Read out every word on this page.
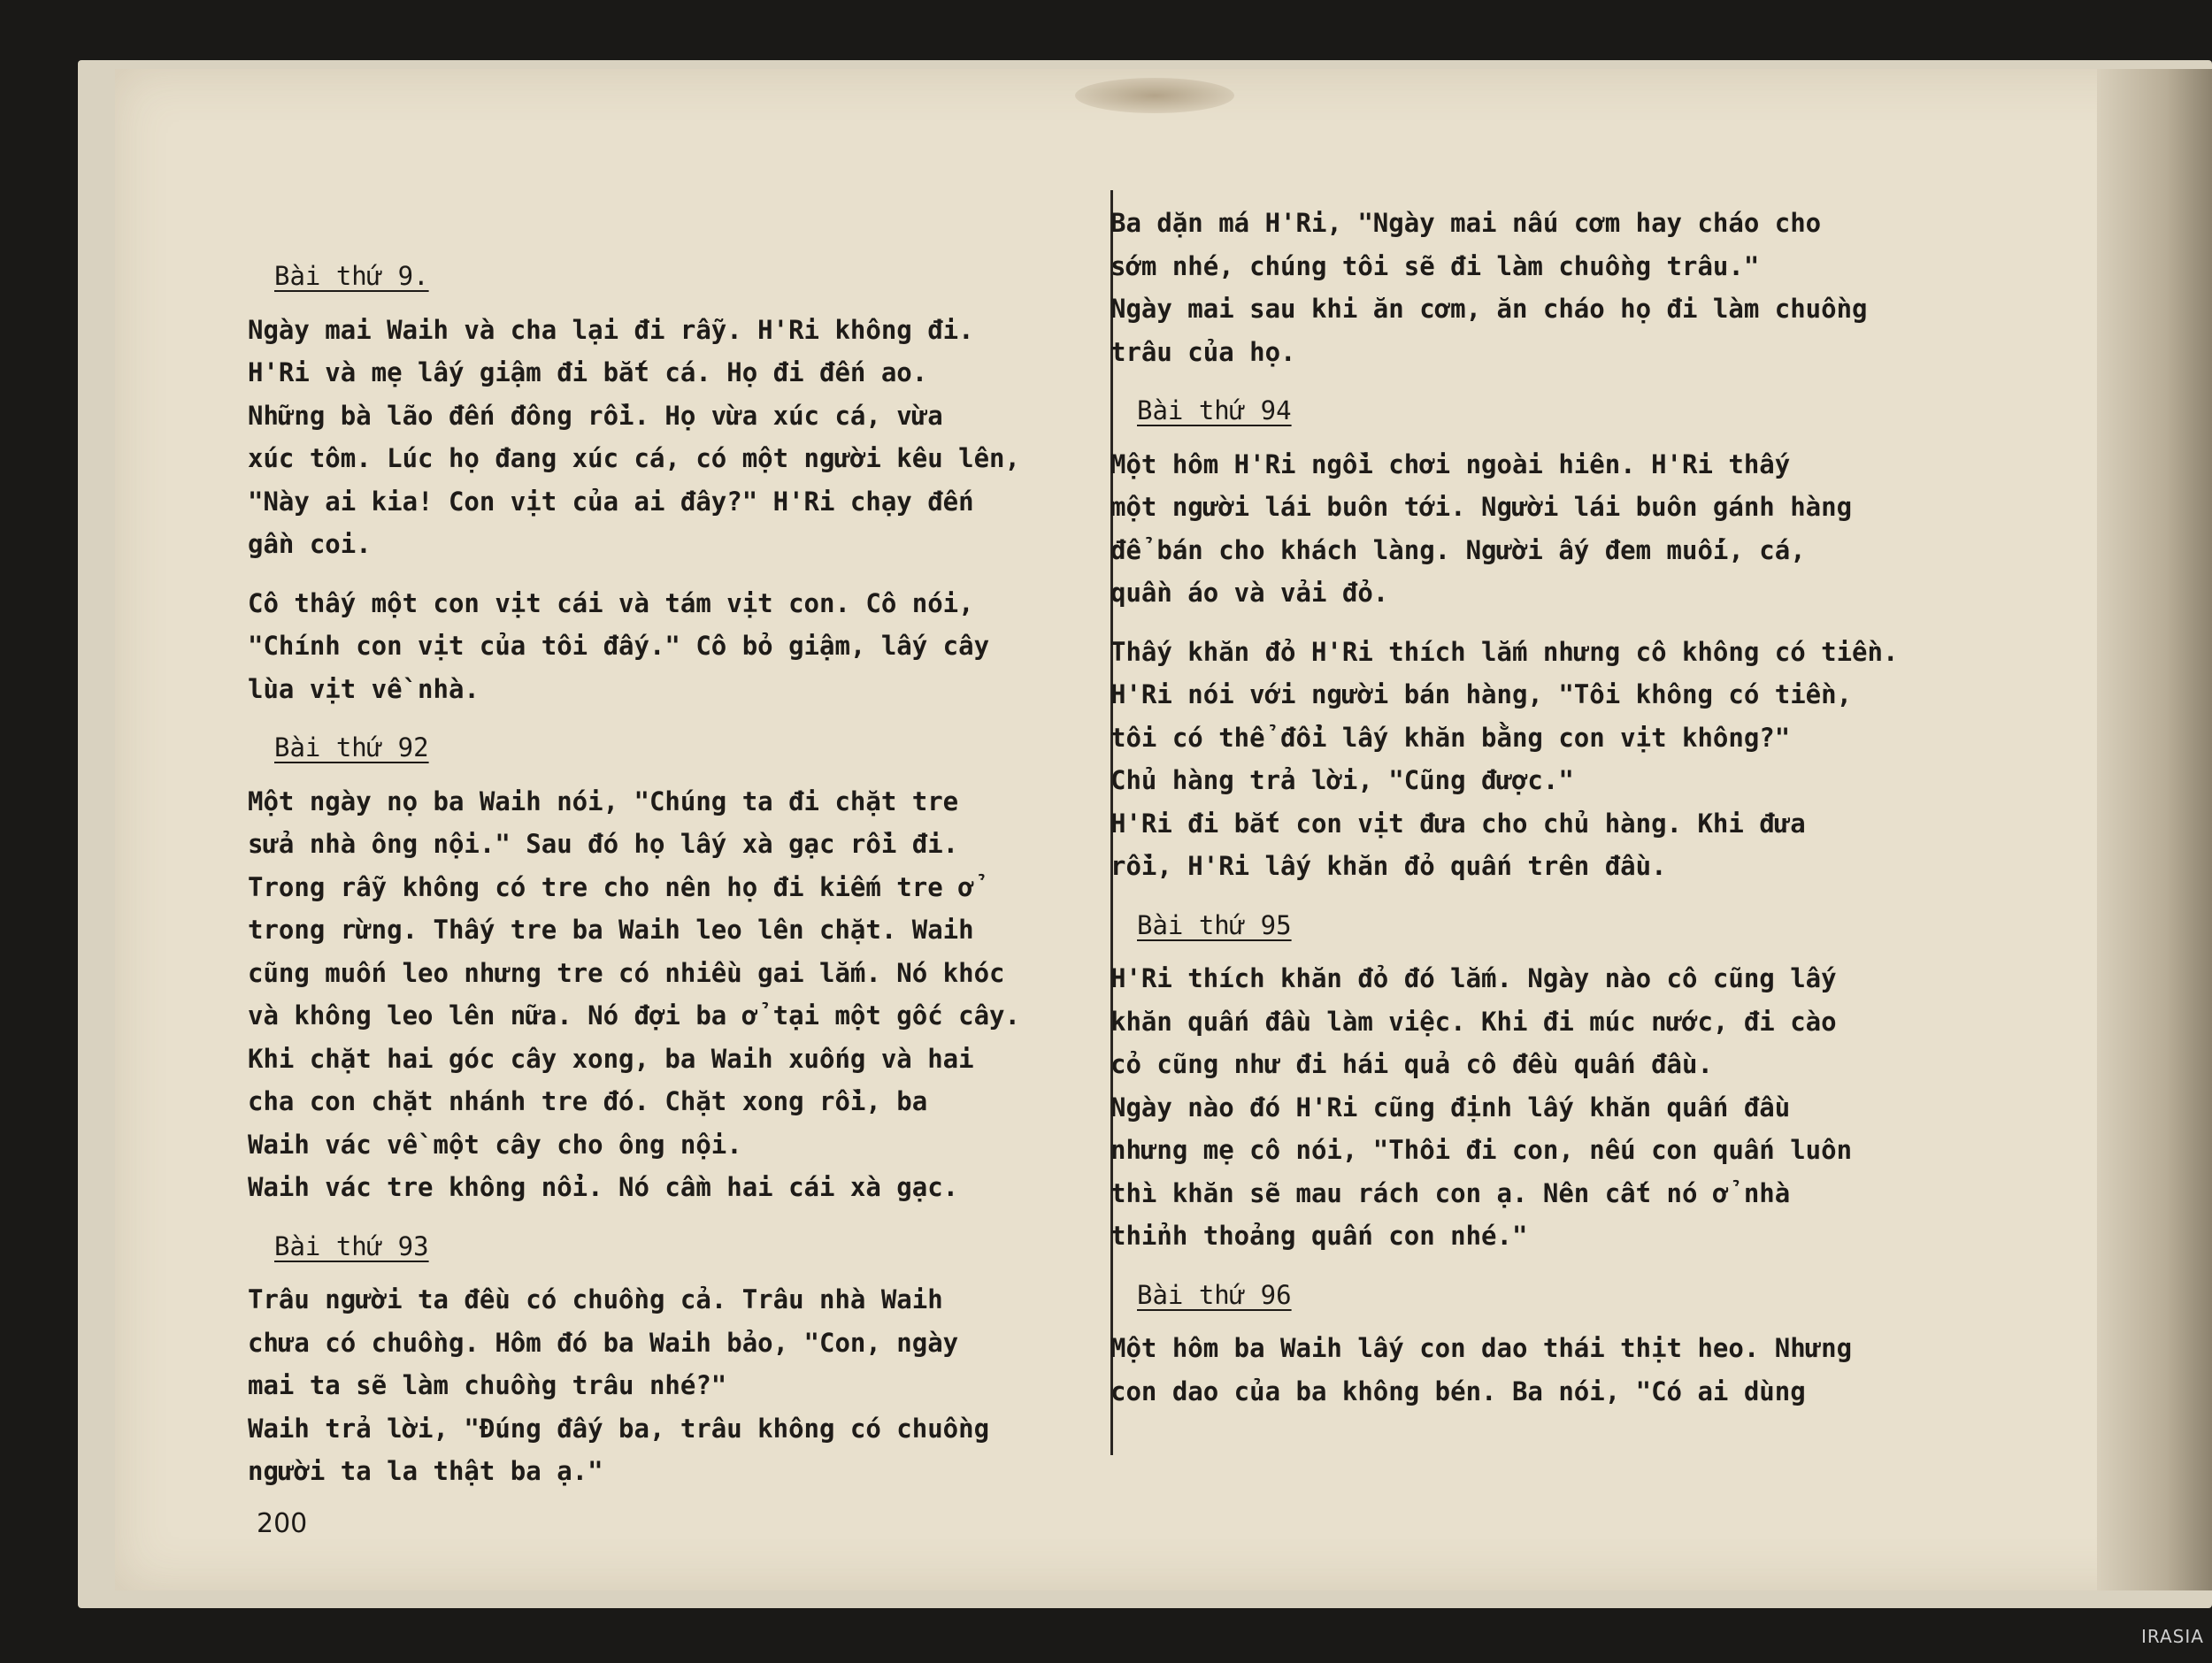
Bài thứ 9.
Ngày mai Waih và cha lại đi rẫy. H'Ri không đi.
H'Ri và mẹ lấy giậm đi bắt cá. Họ đi đến ao.
Những bà lão đến đông rồi. Họ vừa xúc cá, vừa
xúc tôm. Lúc họ đang xúc cá, có một người kêu lên,
"Này ai kia! Con vịt của ai đây?" H'Ri chạy đến
gần coi.
Cô thấy một con vịt cái và tám vịt con. Cô nói,
"Chính con vịt của tôi đấy." Cô bỏ giậm, lấy cây
lùa vịt về nhà.
Bài thứ 92
Một ngày nọ ba Waih nói, "Chúng ta đi chặt tre
sửa nhà ông nội." Sau đó họ lấy xà gạc rồi đi.
Trong rẫy không có tre cho nên họ đi kiếm tre ở
trong rừng. Thấy tre ba Waih leo lên chặt. Waih
cũng muốn leo nhưng tre có nhiều gai lắm. Nó khóc
và không leo lên nữa. Nó đợi ba ở tại một gốc cây.
Khi chặt hai góc cây xong, ba Waih xuống và hai
cha con chặt nhánh tre đó. Chặt xong rồi, ba
Waih vác về một cây cho ông nội.
Waih vác tre không nổi. Nó cầm hai cái xà gạc.
Bài thứ 93
Trâu người ta đều có chuồng cả. Trâu nhà Waih
chưa có chuồng. Hôm đó ba Waih bảo, "Con, ngày
mai ta sẽ làm chuồng trâu nhé?"
Waih trả lời, "Đúng đấy ba, trâu không có chuồng
người ta la thật ba ạ."
Ba dặn má H'Ri, "Ngày mai nấu cơm hay cháo cho
sớm nhé, chúng tôi sẽ đi làm chuồng trâu."
Ngày mai sau khi ăn cơm, ăn cháo họ đi làm chuồng
trâu của họ.
Bài thứ 94
Một hôm H'Ri ngồi chơi ngoài hiên. H'Ri thấy
một người lái buôn tới. Người lái buôn gánh hàng
để bán cho khách làng. Người ấy đem muối, cá,
quần áo và vải đỏ.
Thấy khăn đỏ H'Ri thích lắm nhưng cô không có tiền.
H'Ri nói với người bán hàng, "Tôi không có tiền,
tôi có thể đổi lấy khăn bằng con vịt không?"
Chủ hàng trả lời, "Cũng được."
H'Ri đi bắt con vịt đưa cho chủ hàng. Khi đưa
rồi, H'Ri lấy khăn đỏ quấn trên đầu.
Bài thứ 95
H'Ri thích khăn đỏ đó lắm. Ngày nào cô cũng lấy
khăn quấn đầu làm việc. Khi đi múc nước, đi cào
cỏ cũng như đi hái quả cô đều quấn đầu.
Ngày nào đó H'Ri cũng định lấy khăn quấn đầu
nhưng mẹ cô nói, "Thôi đi con, nếu con quấn luôn
thì khăn sẽ mau rách con ạ. Nên cất nó ở nhà
thỉnh thoảng quấn con nhé."
Bài thứ 96
Một hôm ba Waih lấy con dao thái thịt heo. Nhưng
con dao của ba không bén. Ba nói, "Có ai dùng
200
IRASIA
